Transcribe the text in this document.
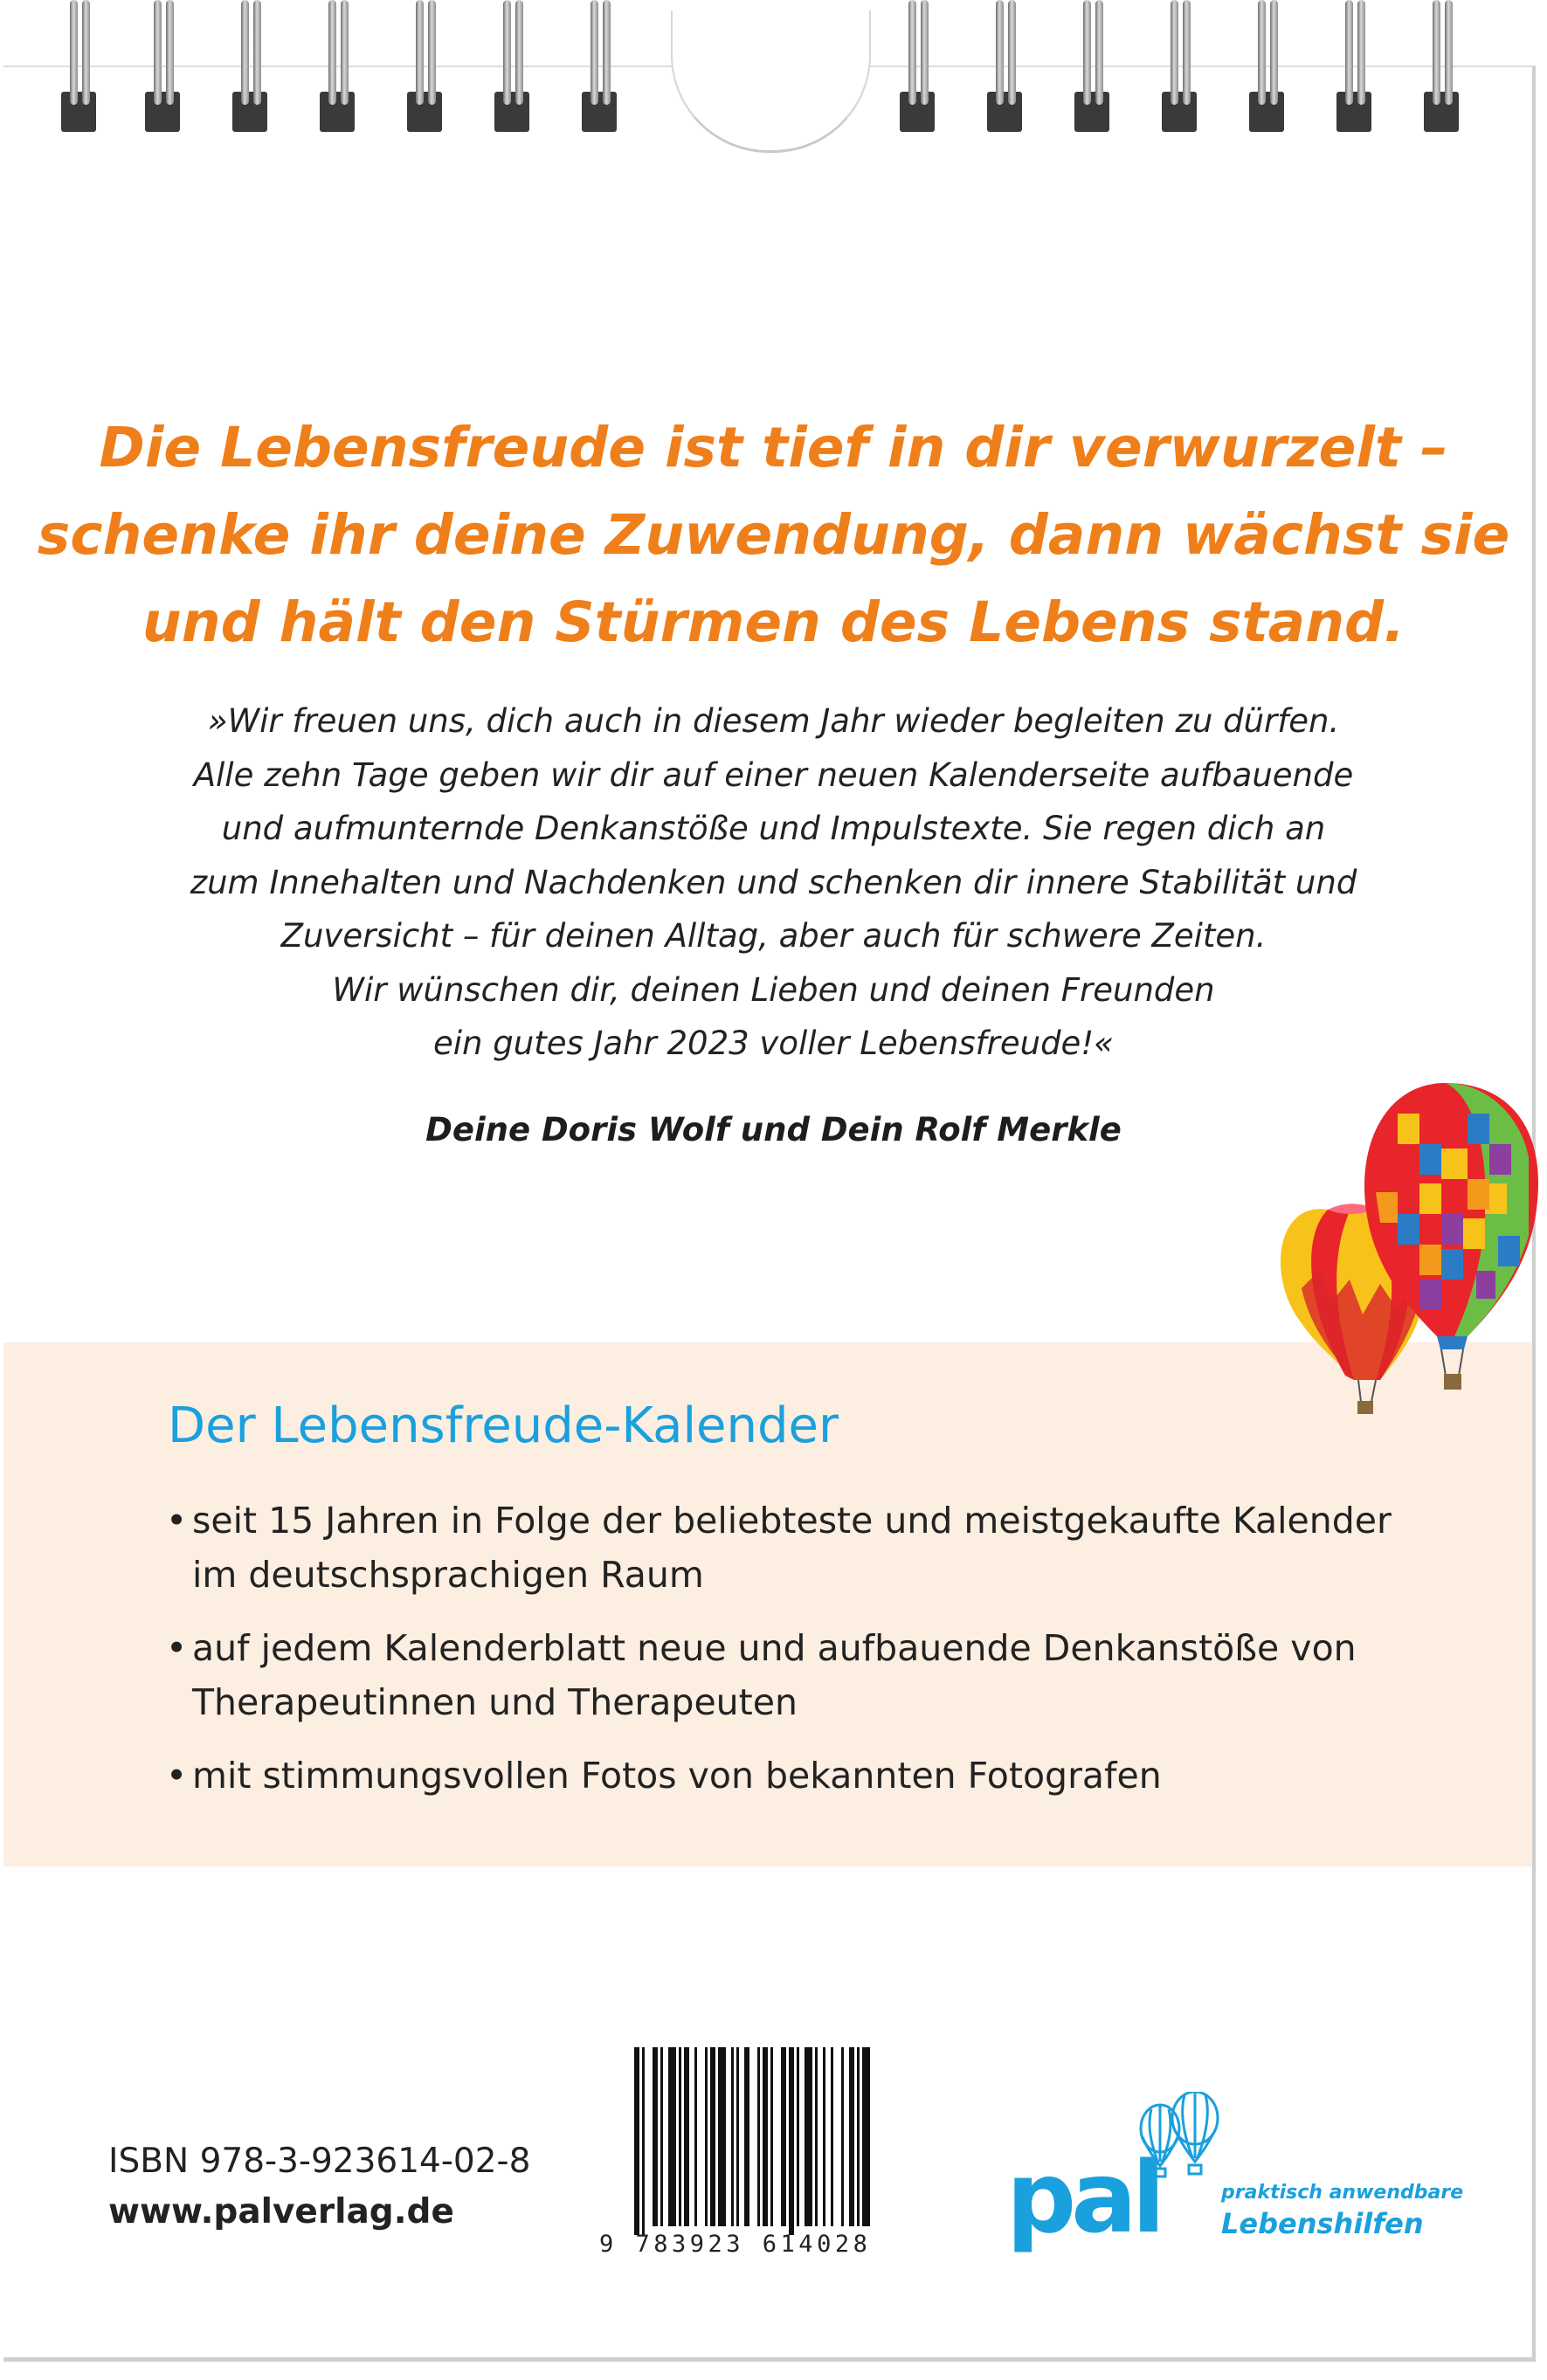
Die Lebensfreude ist tief in dir verwurzelt –
schenke ihr deine Zuwendung, dann wächst sie
und hält den Stürmen des Lebens stand.
»Wir freuen uns, dich auch in diesem Jahr wieder begleiten zu dürfen.
Alle zehn Tage geben wir dir auf einer neuen Kalenderseite aufbauende
und aufmunternde Denkanstöße und Impulstexte. Sie regen dich an
zum Innehalten und Nachdenken und schenken dir innere Stabilität und
Zuversicht – für deinen Alltag, aber auch für schwere Zeiten.
Wir wünschen dir, deinen Lieben und deinen Freunden
ein gutes Jahr 2023 voller Lebensfreude!«
Deine Doris Wolf und Dein Rolf Merkle
Der Lebensfreude-Kalender
• seit 15 Jahren in Folge der beliebteste und meistgekaufte Kalender
im deutschsprachigen Raum
• auf jedem Kalenderblatt neue und aufbauende Denkanstöße von
Therapeutinnen und Therapeuten
• mit stimmungsvollen Fotos von bekannten Fotografen
ISBN 978-3-923614-02-8
www.palverlag.de
9 783923 614028	pal	praktisch anwendbare
Lebenshilfen
